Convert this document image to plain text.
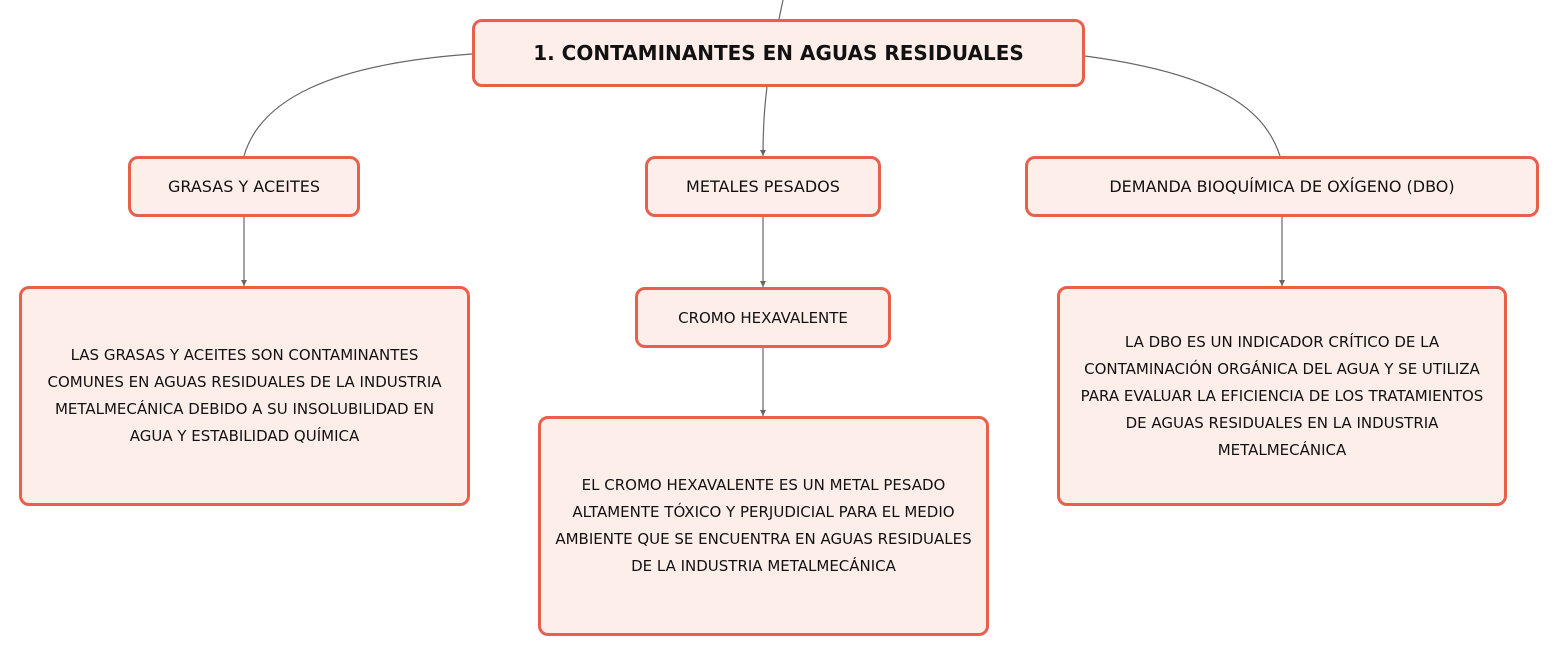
1. CONTAMINANTES EN AGUAS RESIDUALES
GRASAS Y ACEITES	METALES PESADOS	DEMANDA BIOQUÍMICA DE OXÍGENO (DBO)
CROMO HEXAVALENTE
LAS GRASAS Y ACEITES SON CONTAMINANTES COMUNES EN AGUAS RESIDUALES DE LA INDUSTRIA METALMECÁNICA DEBIDO A SU INSOLUBILIDAD EN AGUA Y ESTABILIDAD QUÍMICA
EL CROMO HEXAVALENTE ES UN METAL PESADO ALTAMENTE TÓXICO Y PERJUDICIAL PARA EL MEDIO AMBIENTE QUE SE ENCUENTRA EN AGUAS RESIDUALES DE LA INDUSTRIA METALMECÁNICA
LA DBO ES UN INDICADOR CRÍTICO DE LA CONTAMINACIÓN ORGÁNICA DEL AGUA Y SE UTILIZA PARA EVALUAR LA EFICIENCIA DE LOS TRATAMIENTOS DE AGUAS RESIDUALES EN LA INDUSTRIA METALMECÁNICA
